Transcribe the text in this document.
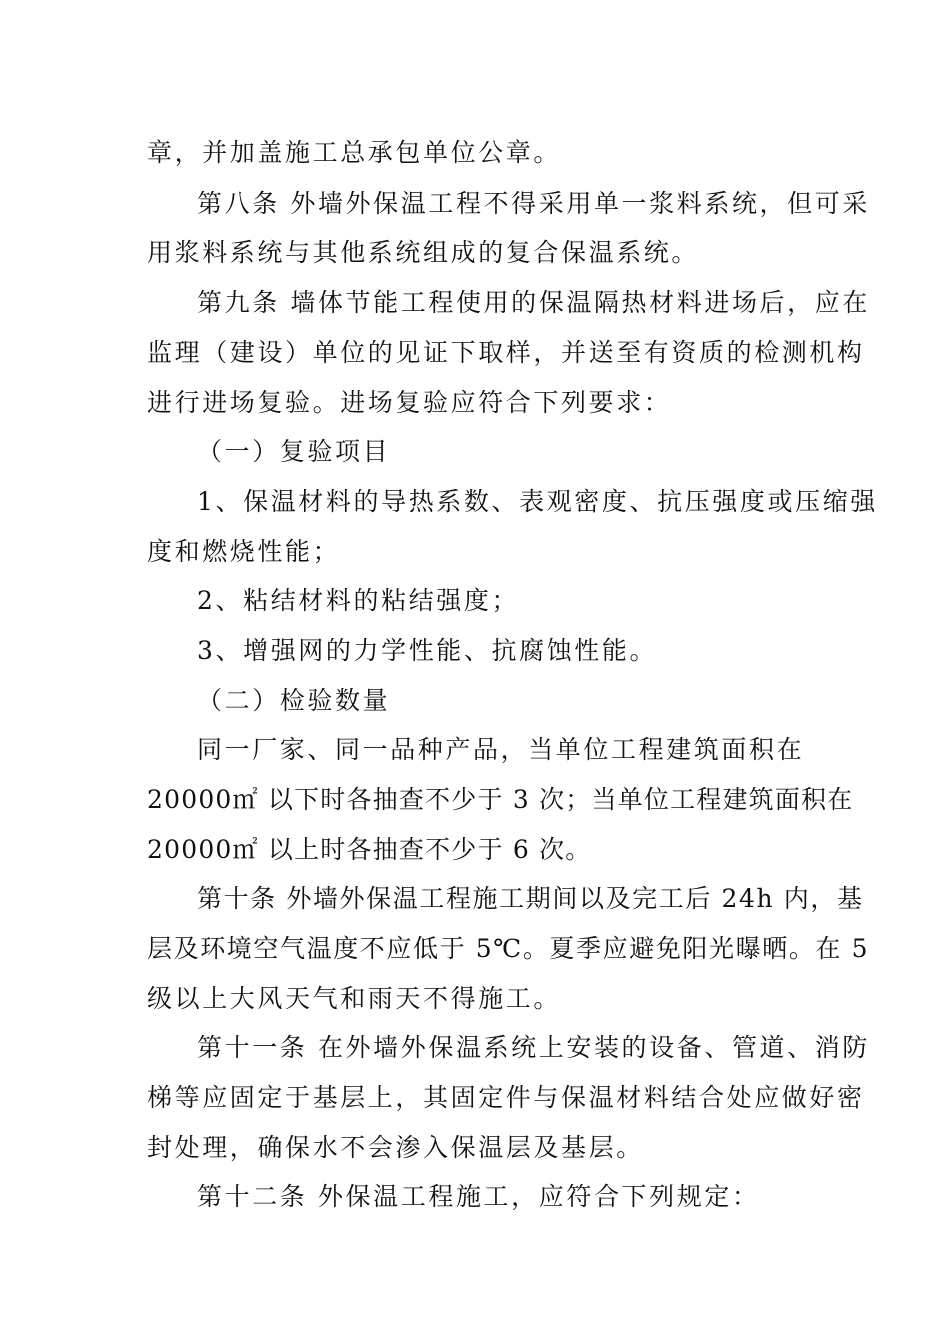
章，并加盖施工总承包单位公章。
第八条 外墙外保温工程不得采用单一浆料系统，但可采
用浆料系统与其他系统组成的复合保温系统。
第九条 墙体节能工程使用的保温隔热材料进场后，应在
监理（建设）单位的见证下取样，并送至有资质的检测机构
进行进场复验。进场复验应符合下列要求：
（一）复验项目
1、保温材料的导热系数、表观密度、抗压强度或压缩强
度和燃烧性能；
2、粘结材料的粘结强度；
3、增强网的力学性能、抗腐蚀性能。
（二）检验数量
同一厂家、同一品种产品，当单位工程建筑面积在
20000㎡ 以下时各抽查不少于 3 次；当单位工程建筑面积在
20000㎡ 以上时各抽查不少于 6 次。
第十条 外墙外保温工程施工期间以及完工后 24h 内，基
层及环境空气温度不应低于 5℃。夏季应避免阳光曝晒。在 5
级以上大风天气和雨天不得施工。
第十一条 在外墙外保温系统上安装的设备、管道、消防
梯等应固定于基层上，其固定件与保温材料结合处应做好密
封处理，确保水不会渗入保温层及基层。
第十二条 外保温工程施工，应符合下列规定：
